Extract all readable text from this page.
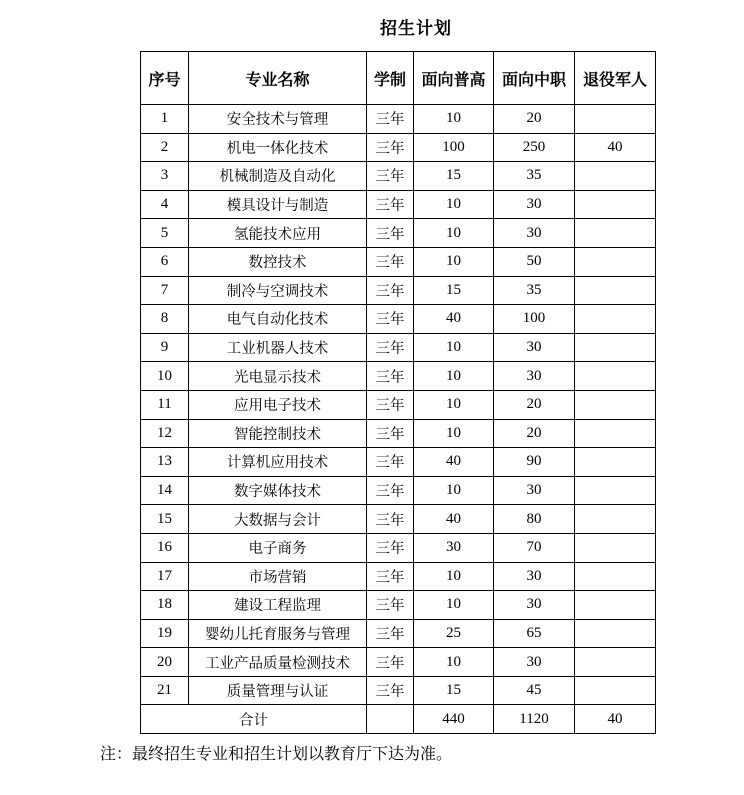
招生计划
序号	专业名称	学制	面向普高	面向中职	退役军人
1	安全技术与管理	三年	10	20	
2	机电一体化技术	三年	100	250	40
3	机械制造及自动化	三年	15	35	
4	模具设计与制造	三年	10	30	
5	氢能技术应用	三年	10	30	
6	数控技术	三年	10	50	
7	制冷与空调技术	三年	15	35	
8	电气自动化技术	三年	40	100	
9	工业机器人技术	三年	10	30	
10	光电显示技术	三年	10	30	
11	应用电子技术	三年	10	20	
12	智能控制技术	三年	10	20	
13	计算机应用技术	三年	40	90	
14	数字媒体技术	三年	10	30	
15	大数据与会计	三年	40	80	
16	电子商务	三年	30	70	
17	市场营销	三年	10	30	
18	建设工程监理	三年	10	30	
19	婴幼儿托育服务与管理	三年	25	65	
20	工业产品质量检测技术	三年	10	30	
21	质量管理与认证	三年	15	45	
合计			440	1120	40
注：最终招生专业和招生计划以教育厅下达为准。
